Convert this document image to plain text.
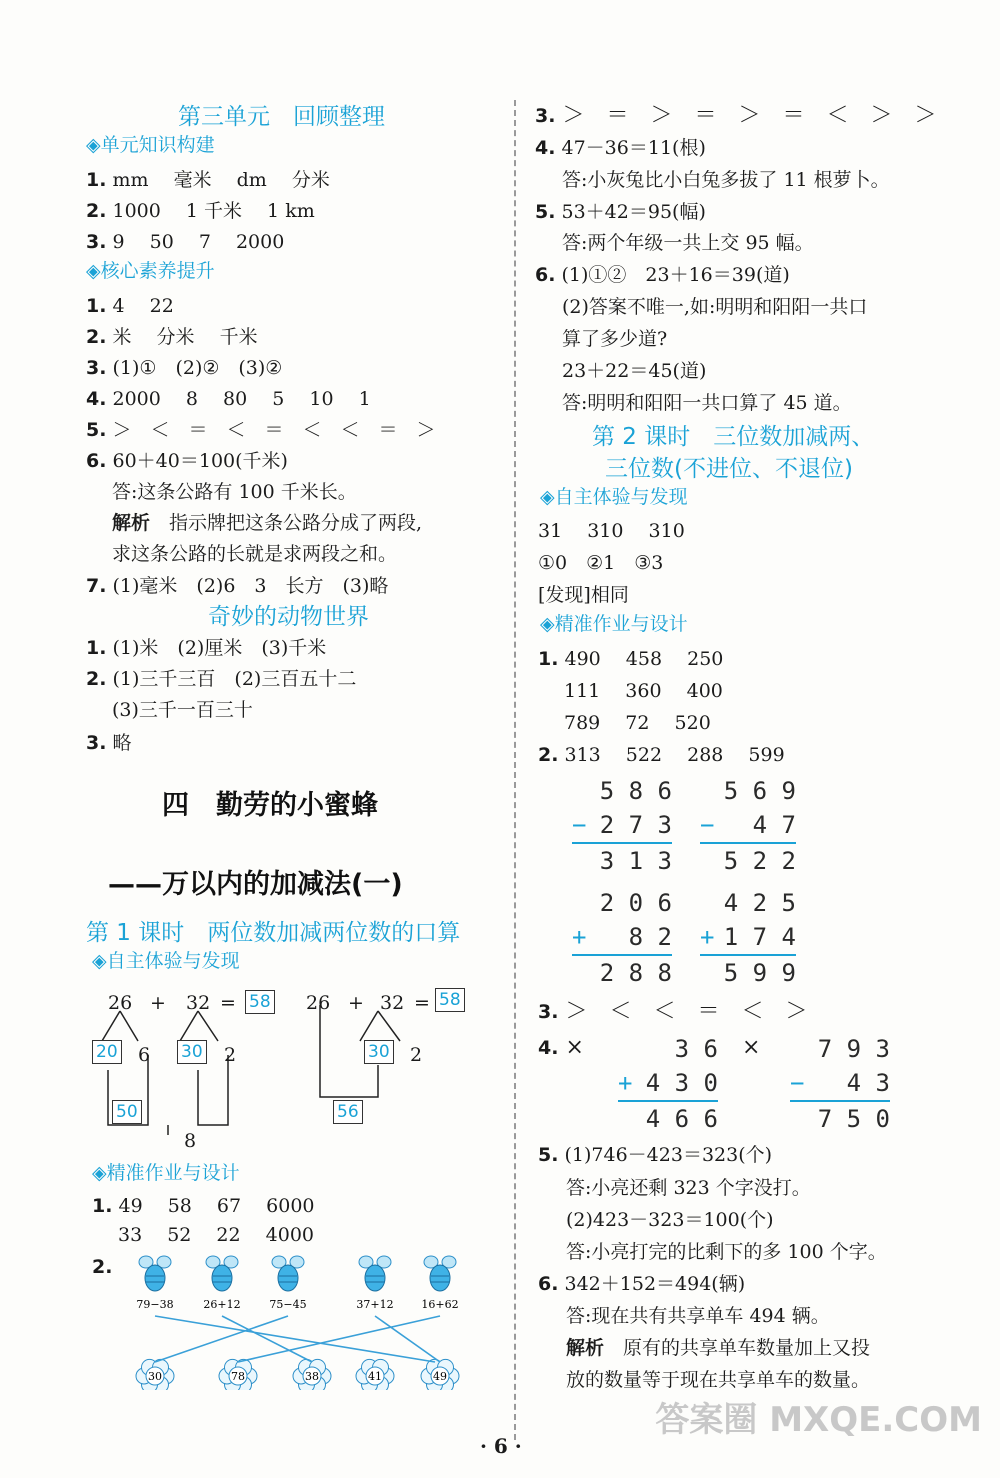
第三单元　回顾整理
◈单元知识构建
1. mm　 毫米　 dm　 分米
2. 1000　 1 千米　 1 km
3. 9　 50　 7　 2000
◈核心素养提升
1. 4　 22
2. 米　 分米　 千米
3. (1)①　(2)②　(3)②
4. 2000　 8　 80　 5　 10　 1
5. ＞　＜　＝　＜　＝　＜　＜　＝　＞
6. 60＋40＝100(千米)
答:这条公路有 100 千米长。
解析　指示牌把这条公路分成了两段,
求这条公路的长就是求两段之和。
7. (1)毫米　(2)6　3　长方　(3)略
奇妙的动物世界
1. (1)米　(2)厘米　(3)千米
2. (1)三千三百　(2)三百五十二
(3)三千一百三十
3. 略
四　勤劳的小蜜蜂
——万以内的加减法(一)
第 1 课时　两位数加减两位数的口算
◈自主体验与发现
26 + 32 = 58
20 6 30 2
50
8
26 + 32 = 58
30 2
56
◈精准作业与设计
1. 49　 58　 67　 6000
33　 52　 22　 4000
2.
79−38	26+12	75−45	37+12	16+62
30	78	38	41	49
3. ＞　＝　＞　＝　＞　＝　＜　＞　＞
4. 47－36＝11(根)
答:小灰兔比小白兔多拔了 11 根萝卜。
5. 53＋42＝95(幅)
答:两个年级一共上交 95 幅。
6. (1)①②　23＋16＝39(道)
(2)答案不唯一,如:明明和阳阳一共口
算了多少道?
23＋22＝45(道)
答:明明和阳阳一共口算了 45 道。
第 2 课时　三位数加减两、
三位数(不进位、不退位)
◈自主体验与发现
31　 310　 310
①0　②1　③3
[发现]相同
◈精准作业与设计
1. 490　 458　 250
111　 360　 400
789　 72　 520
2. 313　 522　 288　 599
5 8 6
− 2 7 3
3 1 3
5 6 9
− 4 7
5 2 2
2 0 6
+ 8 2
2 8 8
4 2 5
+ 1 7 4
5 9 9
3. ＞　＜　＜　＝　＜　＞
4. ×	×
3 6
+ 4 3 0
4 6 6
7 9 3
− 4 3
7 5 0
5. (1)746－423＝323(个)
答:小亮还剩 323 个字没打。
(2)423－323＝100(个)
答:小亮打完的比剩下的多 100 个字。
6. 342＋152＝494(辆)
答:现在共有共享单车 494 辆。
解析　原有的共享单车数量加上又投
放的数量等于现在共享单车的数量。
· 6 ·
答案圈 MXQE.COM
